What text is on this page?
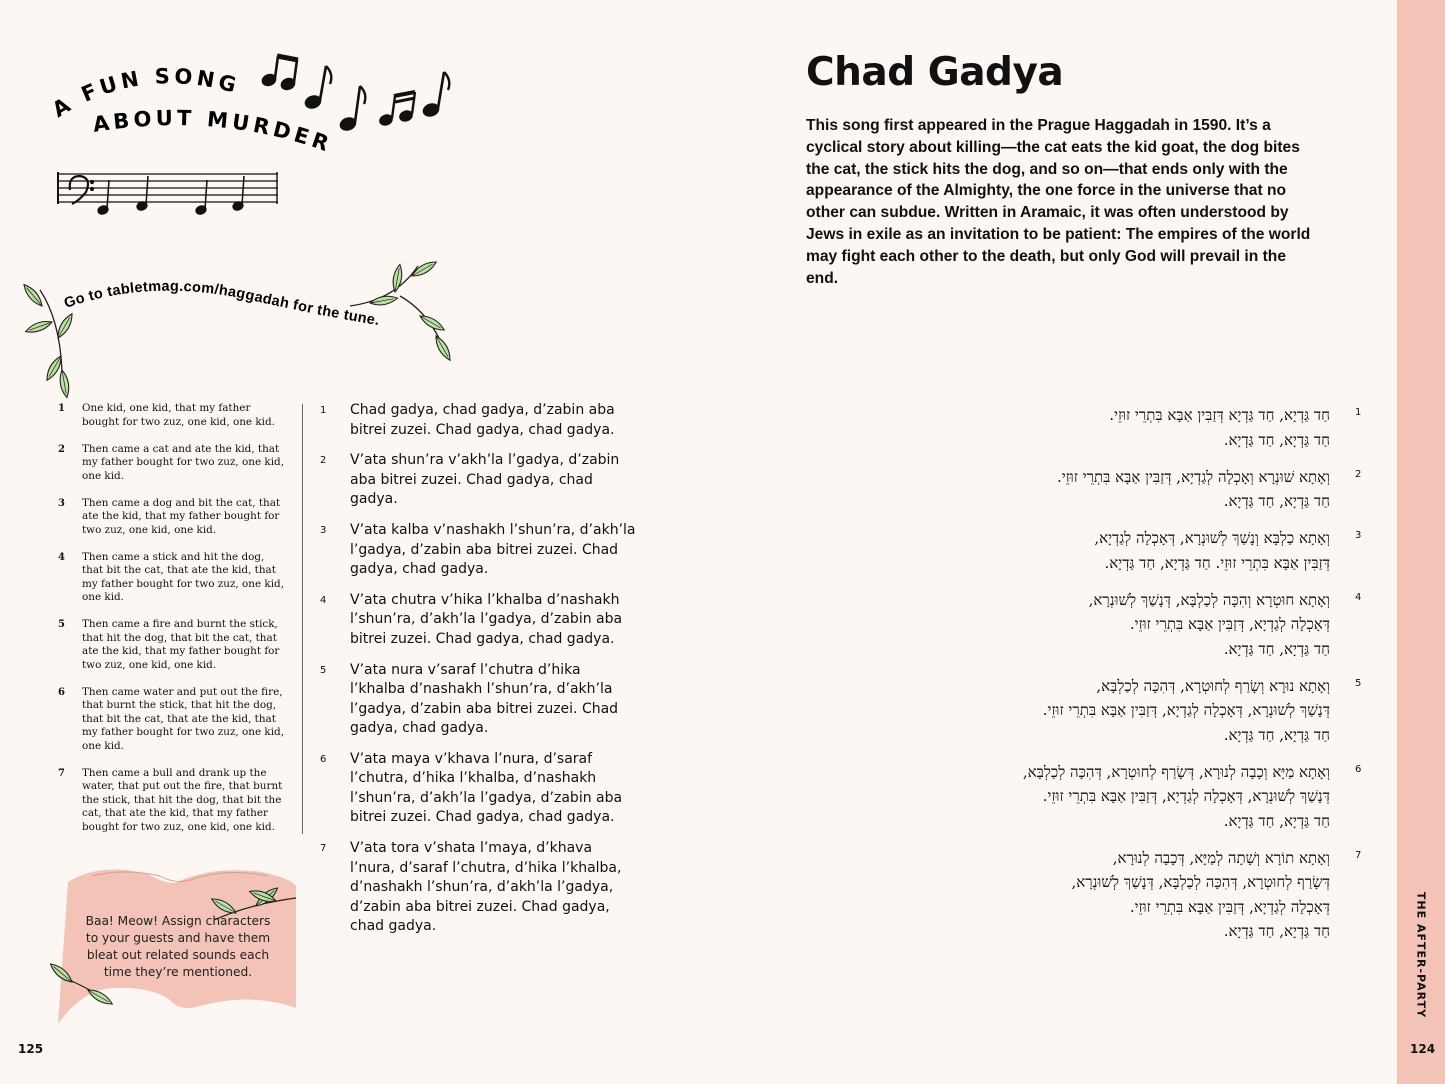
THE AFTER-PARTY
125	124
A FUN SONG
ABOUT MURDER
Go to tabletmag.com/haggadah for the tune.
Baa! Meow! Assign characters to your guests and have them bleat out related sounds each time they’re mentioned.
Chad Gadya
This song first appeared in the Prague Haggadah in 1590. It’s a cyclical story about killing—the cat eats the kid goat, the dog bites the cat, the stick hits the dog, and so on—that ends only with the appearance of the Almighty, the one force in the universe that no other can subdue. Written in Aramaic, it was often understood by Jews in exile as an invitation to be patient: The empires of the world may fight each other to the death, but only God will prevail in the end.
1 One kid, one kid, that my father bought for two zuz, one kid, one kid.
2 Then came a cat and ate the kid, that my father bought for two zuz, one kid, one kid.
3 Then came a dog and bit the cat, that ate the kid, that my father bought for two zuz, one kid, one kid.
4 Then came a stick and hit the dog, that bit the cat, that ate the kid, that my father bought for two zuz, one kid, one kid.
5 Then came a fire and burnt the stick, that hit the dog, that bit the cat, that ate the kid, that my father bought for two zuz, one kid, one kid.
6 Then came water and put out the fire, that burnt the stick, that hit the dog, that bit the cat, that ate the kid, that my father bought for two zuz, one kid, one kid.
7 Then came a bull and drank up the water, that put out the fire, that burnt the stick, that hit the dog, that bit the cat, that ate the kid, that my father bought for two zuz, one kid, one kid.
1 Chad gadya, chad gadya, d’zabin aba bitrei zuzei. Chad gadya, chad gadya.
2 V’ata shun’ra v’akh’la l’gadya, d’zabin aba bitrei zuzei. Chad gadya, chad gadya.
3 V’ata kalba v’nashakh l’shun’ra, d’akh’la l’gadya, d’zabin aba bitrei zuzei. Chad gadya, chad gadya.
4 V’ata chutra v’hika l’khalba d’nashakh l’shun’ra, d’akh’la l’gadya, d’zabin aba bitrei zuzei. Chad gadya, chad gadya.
5 V’ata nura v’saraf l’chutra d’hika l’khalba d’nashakh l’shun’ra, d’akh’la l’gadya, d’zabin aba bitrei zuzei. Chad gadya, chad gadya.
6 V’ata maya v’khava l’nura, d’saraf l’chutra, d’hika l’khalba, d’nashakh l’shun’ra, d’akh’la l’gadya, d’zabin aba bitrei zuzei. Chad gadya, chad gadya.
7 V’ata tora v’shata l’maya, d’khava l’nura, d’saraf l’chutra, d’hika l’khalba, d’nashakh l’shun’ra, d’akh’la l’gadya, d’zabin aba bitrei zuzei. Chad gadya, chad gadya.
1
חַד גַּדְיָא, חַד גַּדְיָא דְּזַבִּין אַבָּא בִּתְרֵי זוּזֵי.
חַד גַּדְיָא, חַד גַּדְיָא.
2
וְאָתָא שׁוּנְרָא וְאָכְלָה לְגַדְיָא, דְּזַבִּין אַבָּא בִּתְרֵי זוּזֵי.
חַד גַּדְיָא, חַד גַּדְיָא.
3
וְאָתָא כַלְבָּא וְנָשַׁךְ לְשׁוּנְרָא, דְּאָכְלָה לְגַדְיָא,
דְּזַבִּין אַבָּא בִּתְרֵי זוּזֵי. חַד גַּדְיָא, חַד גַּדְיָא.
4
וְאָתָא חוּטְרָא וְהִכָּה לְכַלְבָּא, דְּנָשַׁךְ לְשׁוּנְרָא,
דְּאָכְלָה לְגַדְיָא, דְּזַבִּין אַבָּא בִּתְרֵי זוּזֵי.
חַד גַּדְיָא, חַד גַּדְיָא.
5
וְאָתָא נוּרָא וְשָׂרַף לְחוּטְרָא, דְּהִכָּה לְכַלְבָּא,
דְּנָשַׁךְ לְשׁוּנְרָא, דְּאָכְלָה לְגַדְיָא, דְּזַבִּין אַבָּא בִּתְרֵי זוּזֵי.
חַד גַּדְיָא, חַד גַּדְיָא.
6
וְאָתָא מַיָּא וְכָבָה לְנוּרָא, דְּשָׂרַף לְחוּטְרָא, דְּהִכָּה לְכַלְבָּא,
דְּנָשַׁךְ לְשׁוּנְרָא, דְּאָכְלָה לְגַדְיָא, דְּזַבִּין אַבָּא בִּתְרֵי זוּזֵי.
חַד גַּדְיָא, חַד גַּדְיָא.
7
וְאָתָא תוֹרָא וְשָׁתָה לְמַיָּא, דְּכָבָה לְנוּרָא,
דְּשָׂרַף לְחוּטְרָא, דְּהִכָּה לְכַלְבָּא, דְּנָשַׁךְ לְשׁוּנְרָא,
דְּאָכְלָה לְגַדְיָא, דְּזַבִּין אַבָּא בִּתְרֵי זוּזֵי.
חַד גַּדְיָא, חַד גַּדְיָא.
